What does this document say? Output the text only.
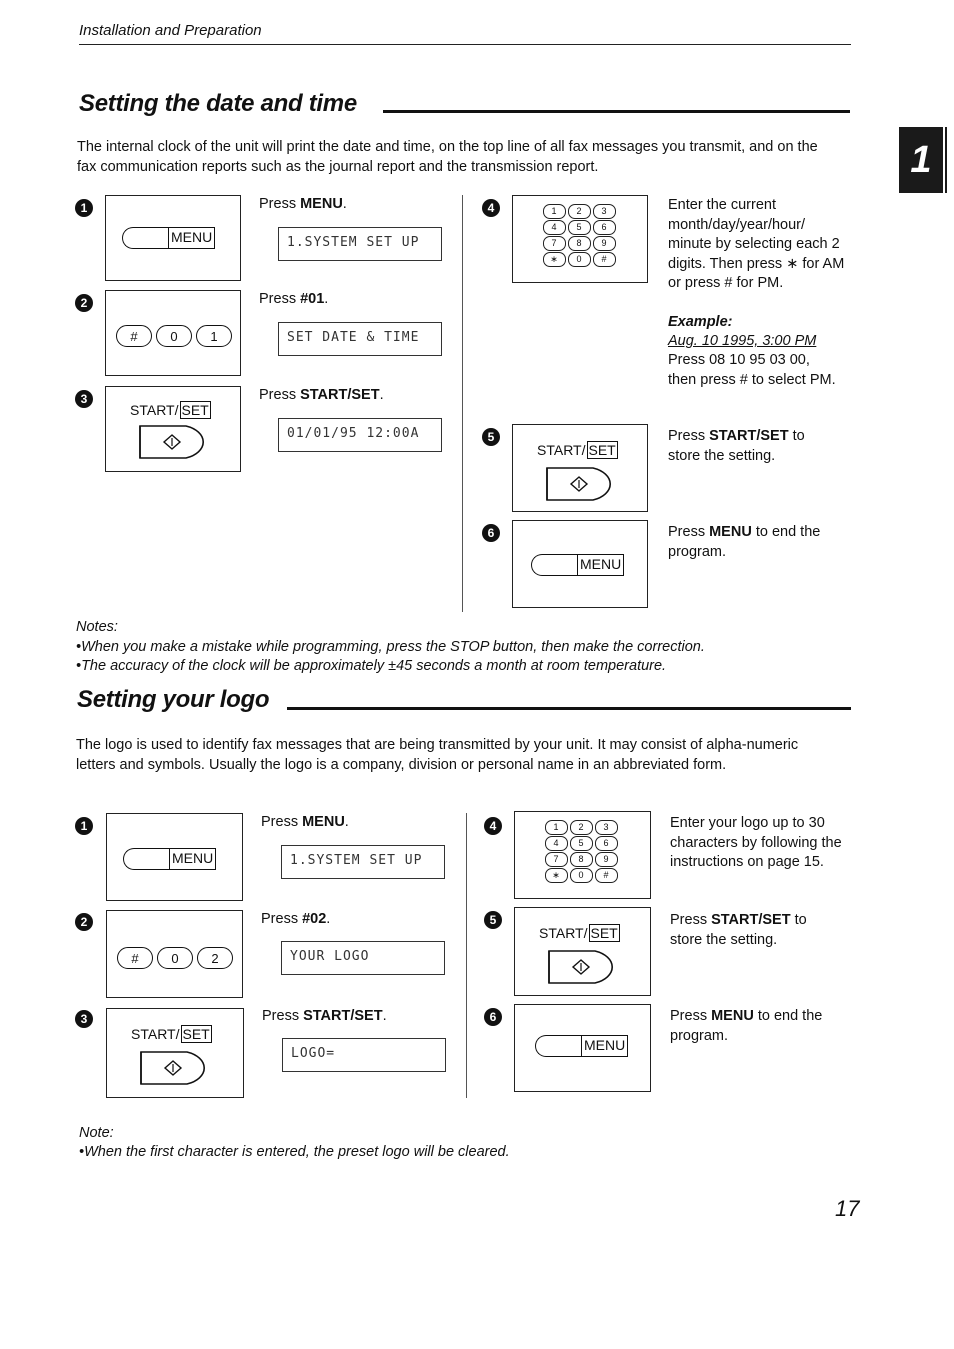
Installation and Preparation
1
Setting the date and time
The internal clock of the unit will print the date and time, on the top line of all fax messages you transmit, and on the fax communication reports such as the journal report and the transmission report.
1
MENU
Press MENU.
1.SYSTEM SET UP
2
#	0	1
Press #01.
SET DATE & TIME
3
START/ SET
Press START/SET.
01/01/95 12:00A
4	1	2	3
4	5	6
7	8	9
∗	0	#
Enter the current month/day/year/hour/ minute by selecting each 2 digits. Then press ∗ for AM or press # for PM.
Example:
Aug. 10 1995, 3:00 PM
Press 08 10 95 03 00, then press # to select PM.
5
START/ SET
Press START/SET to store the setting.
6
MENU
Press MENU to end the program.
Notes:
•When you make a mistake while programming, press the STOP button, then make the correction.
•The accuracy of the clock will be approximately ±45 seconds a month at room temperature.
Setting your logo
The logo is used to identify fax messages that are being transmitted by your unit. It may consist of alpha-numeric letters and symbols. Usually the logo is a company, division or personal name in an abbreviated form.
1
MENU
Press MENU.
1.SYSTEM SET UP
2
#	0	2
Press #02.
YOUR LOGO
3
START/ SET
Press START/SET.
LOGO=
4	1	2	3
4	5	6
7	8	9
∗	0	#
Enter your logo up to 30 characters by following the instructions on page 15.
5
START/ SET
Press START/SET to store the setting.
6
MENU
Press MENU to end the program.
Note:
•When the first character is entered, the preset logo will be cleared.
17
